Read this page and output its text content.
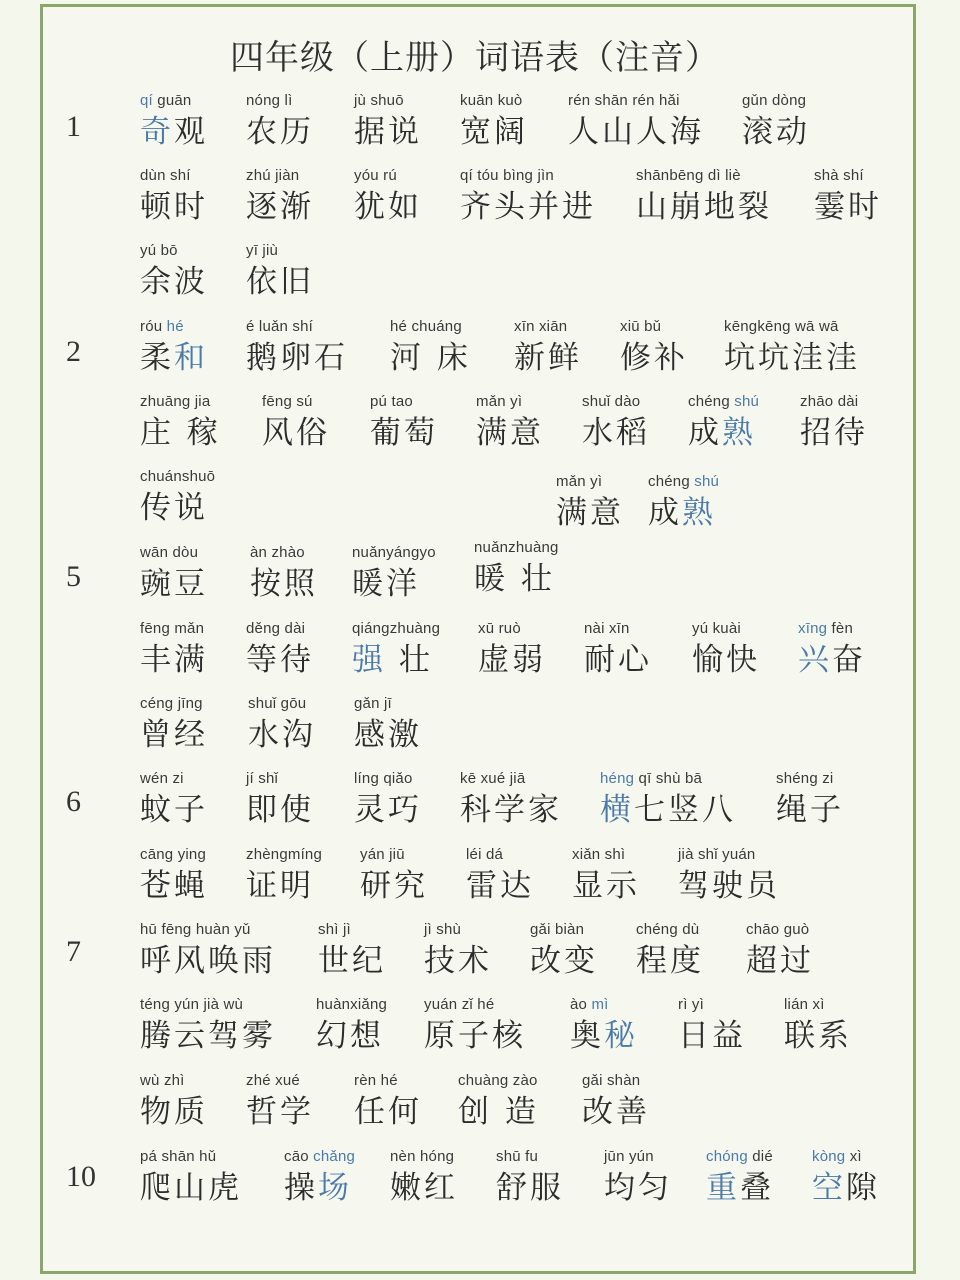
四年级（上册）词语表（注音）
1
2
5
6
7
10
qí guān
奇观
nóng lì
农历
jù shuō
据说
kuān kuò
宽阔
rén shān rén hǎi
人山人海
gǔn dòng
滚动
dùn shí
顿时
zhú jiàn
逐渐
yóu rú
犹如
qí tóu bìng jìn
齐头并进
shānbēng dì liè
山崩地裂
shà shí
霎时
yú bō
余波
yī jiù
依旧
róu hé
柔和
é luǎn shí
鹅卵石
hé chuáng
河 床
xīn xiān
新鲜
xiū bǔ
修补
kēngkēng wā wā
坑坑洼洼
zhuāng jia
庄 稼
fēng sú
风俗
pú tao
葡萄
mǎn yì
满意
shuǐ dào
水稻
chéng shú
成熟
zhāo dài
招待
chuánshuō
传说
mǎn yì
满意
chéng shú
成熟
wān dòu
豌豆
àn zhào
按照
nuǎnyángyo
暖洋
nuǎnzhuàng
暖 壮
fēng mǎn
丰满
děng dài
等待
qiángzhuàng
强 壮
xū ruò
虚弱
nài xīn
耐心
yú kuài
愉快
xīng fèn
兴奋
céng jīng
曾经
shuǐ gōu
水沟
gǎn jī
感激
wén zi
蚊子
jí shǐ
即使
líng qiǎo
灵巧
kē xué jiā
科学家
héng qī shù bā
横七竖八
shéng zi
绳子
cāng ying
苍蝇
zhèngmíng
证明
yán jiū
研究
léi dá
雷达
xiǎn shì
显示
jià shǐ yuán
驾驶员
hū fēng huàn yǔ
呼风唤雨
shì jì
世纪
jì shù
技术
gǎi biàn
改变
chéng dù
程度
chāo guò
超过
téng yún jià wù
腾云驾雾
huànxiǎng
幻想
yuán zǐ hé
原子核
ào mì
奥秘
rì yì
日益
lián xì
联系
wù zhì
物质
zhé xué
哲学
rèn hé
任何
chuàng zào
创 造
gǎi shàn
改善
pá shān hǔ
爬山虎
cāo chǎng
操场
nèn hóng
嫩红
shū fu
舒服
jūn yún
均匀
chóng dié
重叠
kòng xì
空隙
